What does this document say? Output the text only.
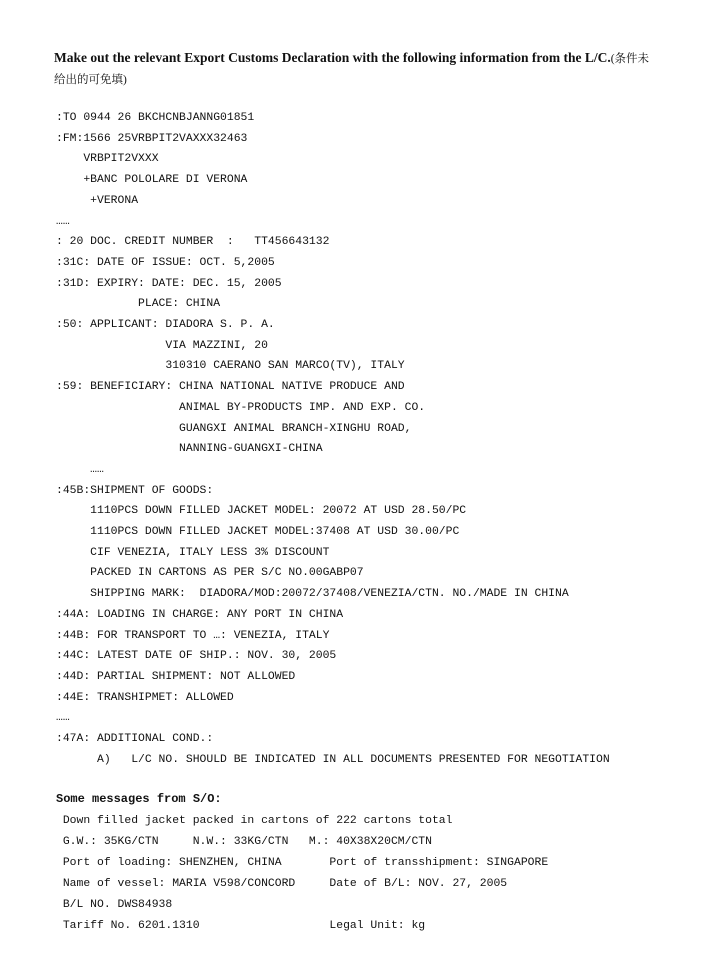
Make out the relevant Export Customs Declaration with the following information from the L/C.(条件未
给出的可免填)
:TO 0944 26 BKCHCNBJANNG01851
:FM:1566 25VRBPIT2VAXXX32463
VRBPIT2VXXX
+BANC POLOLARE DI VERONA
+VERONA
……
: 20 DOC. CREDIT NUMBER  :   TT456643132
:31C: DATE OF ISSUE: OCT. 5,2005
:31D: EXPIRY: DATE: DEC. 15, 2005
PLACE: CHINA
:50: APPLICANT: DIADORA S. P. A.
VIA MAZZINI, 20
310310 CAERANO SAN MARCO(TV), ITALY
:59: BENEFICIARY: CHINA NATIONAL NATIVE PRODUCE AND
ANIMAL BY-PRODUCTS IMP. AND EXP. CO.
GUANGXI ANIMAL BRANCH-XINGHU ROAD,
NANNING-GUANGXI-CHINA
……
:45B:SHIPMENT OF GOODS:
1110PCS DOWN FILLED JACKET MODEL: 20072 AT USD 28.50/PC
1110PCS DOWN FILLED JACKET MODEL:37408 AT USD 30.00/PC
CIF VENEZIA, ITALY LESS 3% DISCOUNT
PACKED IN CARTONS AS PER S/C NO.00GABP07
SHIPPING MARK:  DIADORA/MOD:20072/37408/VENEZIA/CTN. NO./MADE IN CHINA
:44A: LOADING IN CHARGE: ANY PORT IN CHINA
:44B: FOR TRANSPORT TO …: VENEZIA, ITALY
:44C: LATEST DATE OF SHIP.: NOV. 30, 2005
:44D: PARTIAL SHIPMENT: NOT ALLOWED
:44E: TRANSHIPMET: ALLOWED
……
:47A: ADDITIONAL COND.:
A)   L/C NO. SHOULD BE INDICATED IN ALL DOCUMENTS PRESENTED FOR NEGOTIATION
Some messages from S/O:
Down filled jacket packed in cartons of 222 cartons total
G.W.: 35KG/CTN     N.W.: 33KG/CTN   M.: 40X38X20CM/CTN
Port of loading: SHENZHEN, CHINA       Port of transshipment: SINGAPORE
Name of vessel: MARIA V598/CONCORD     Date of B/L: NOV. 27, 2005
B/L NO. DWS84938
Tariff No. 6201.1310                   Legal Unit: kg
